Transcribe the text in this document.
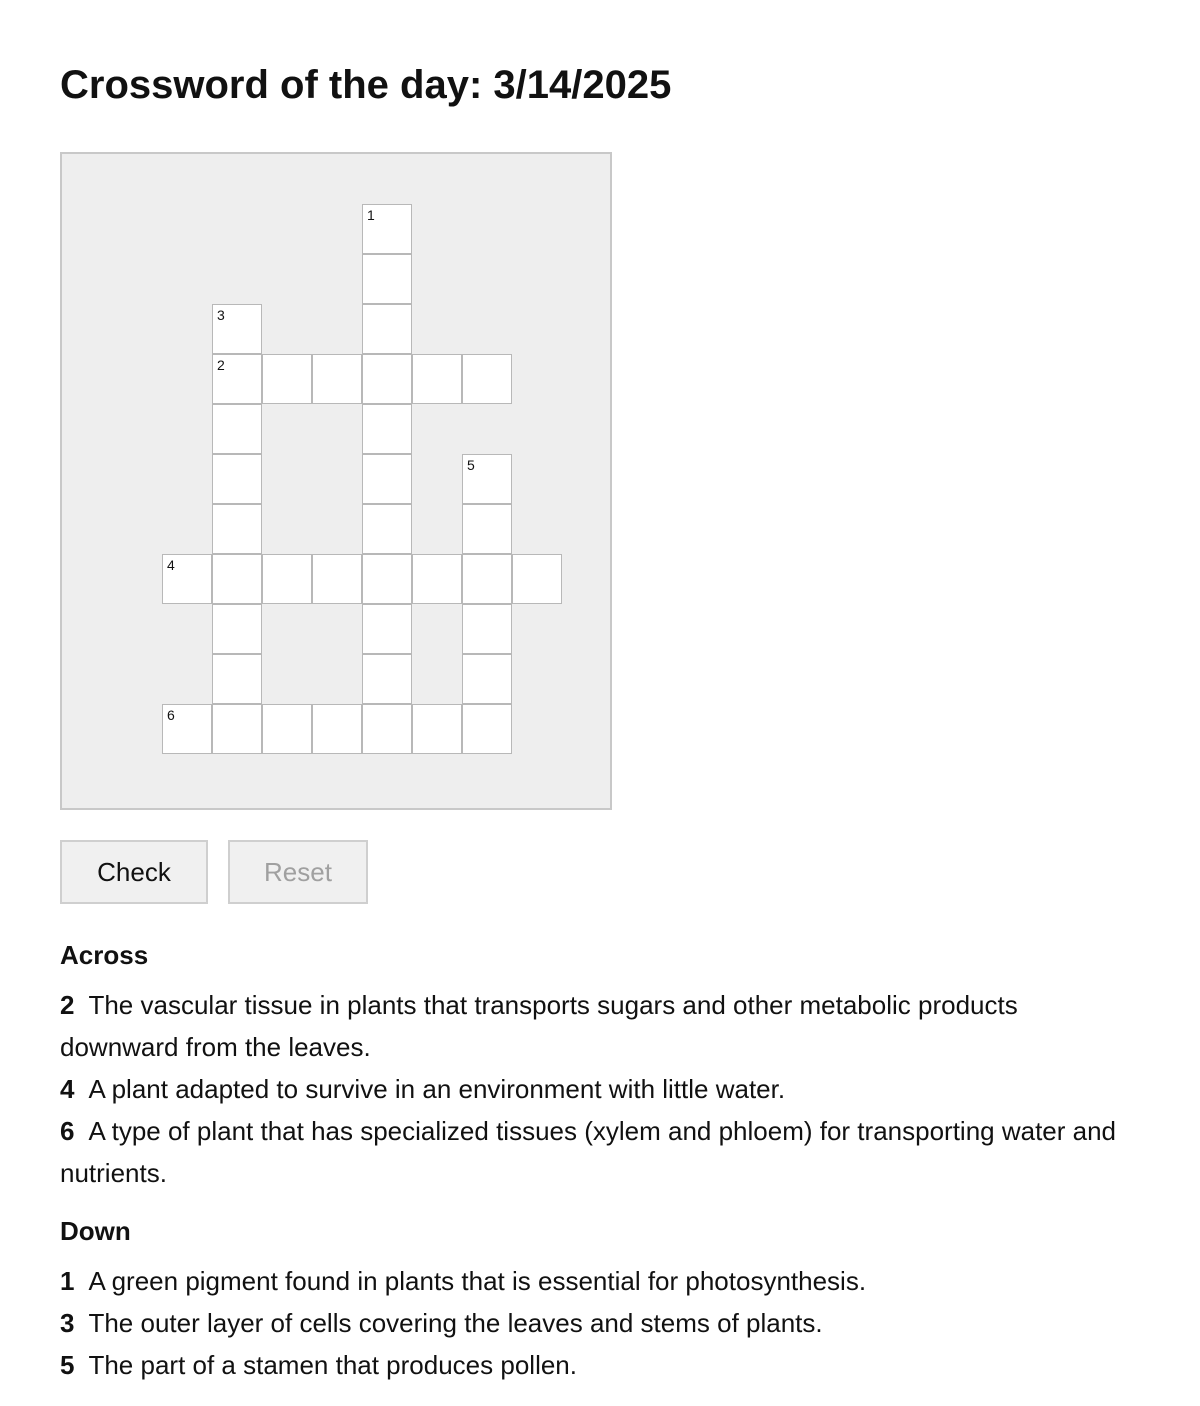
Crossword of the day: 3/14/2025
1
3
2
5
4
6
Check	Reset
Across
2 The vascular tissue in plants that transports sugars and other metabolic products downward from the leaves.
4 A plant adapted to survive in an environment with little water.
6 A type of plant that has specialized tissues (xylem and phloem) for transporting water and nutrients.
Down
1 A green pigment found in plants that is essential for photosynthesis.
3 The outer layer of cells covering the leaves and stems of plants.
5 The part of a stamen that produces pollen.
